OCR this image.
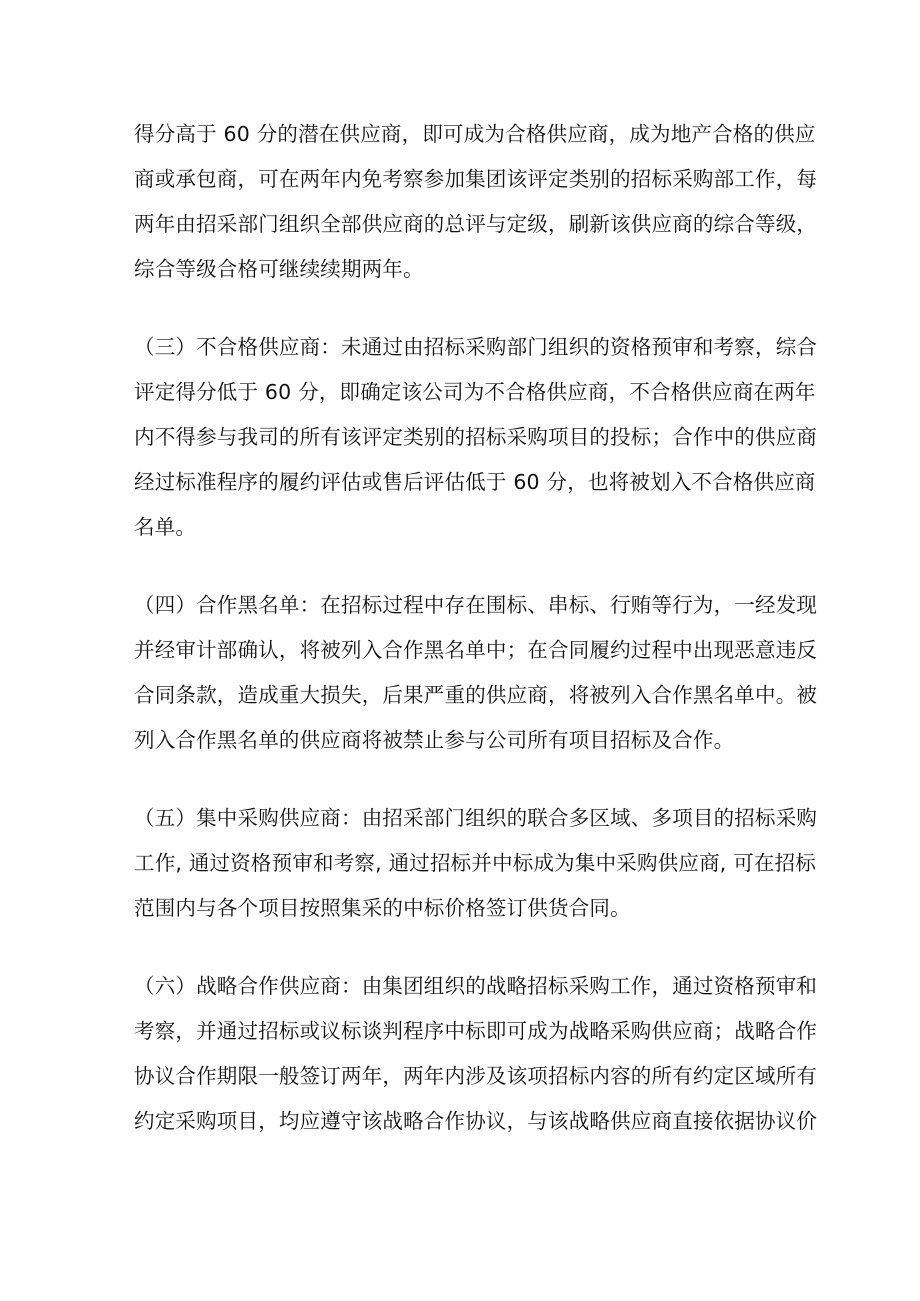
得分高于 60 分的潜在供应商，即可成为合格供应商，成为地产合格的供应
商或承包商，可在两年内免考察参加集团该评定类别的招标采购部工作，每
两年由招采部门组织全部供应商的总评与定级，刷新该供应商的综合等级，
综合等级合格可继续续期两年。
（三）不合格供应商：未通过由招标采购部门组织的资格预审和考察，综合
评定得分低于 60 分，即确定该公司为不合格供应商，不合格供应商在两年
内不得参与我司的所有该评定类别的招标采购项目的投标；合作中的供应商
经过标准程序的履约评估或售后评估低于 60 分，也将被划入不合格供应商
名单。
（四）合作黑名单：在招标过程中存在围标、串标、行贿等行为，一经发现
并经审计部确认，将被列入合作黑名单中；在合同履约过程中出现恶意违反
合同条款，造成重大损失，后果严重的供应商，将被列入合作黑名单中。被
列入合作黑名单的供应商将被禁止参与公司所有项目招标及合作。
（五）集中采购供应商：由招采部门组织的联合多区域、多项目的招标采购
工作, 通过资格预审和考察, 通过招标并中标成为集中采购供应商, 可在招标
范围内与各个项目按照集采的中标价格签订供货合同。
（六）战略合作供应商：由集团组织的战略招标采购工作，通过资格预审和
考察，并通过招标或议标谈判程序中标即可成为战略采购供应商；战略合作
协议合作期限一般签订两年，两年内涉及该项招标内容的所有约定区域所有
约定采购项目，均应遵守该战略合作协议，与该战略供应商直接依据协议价
